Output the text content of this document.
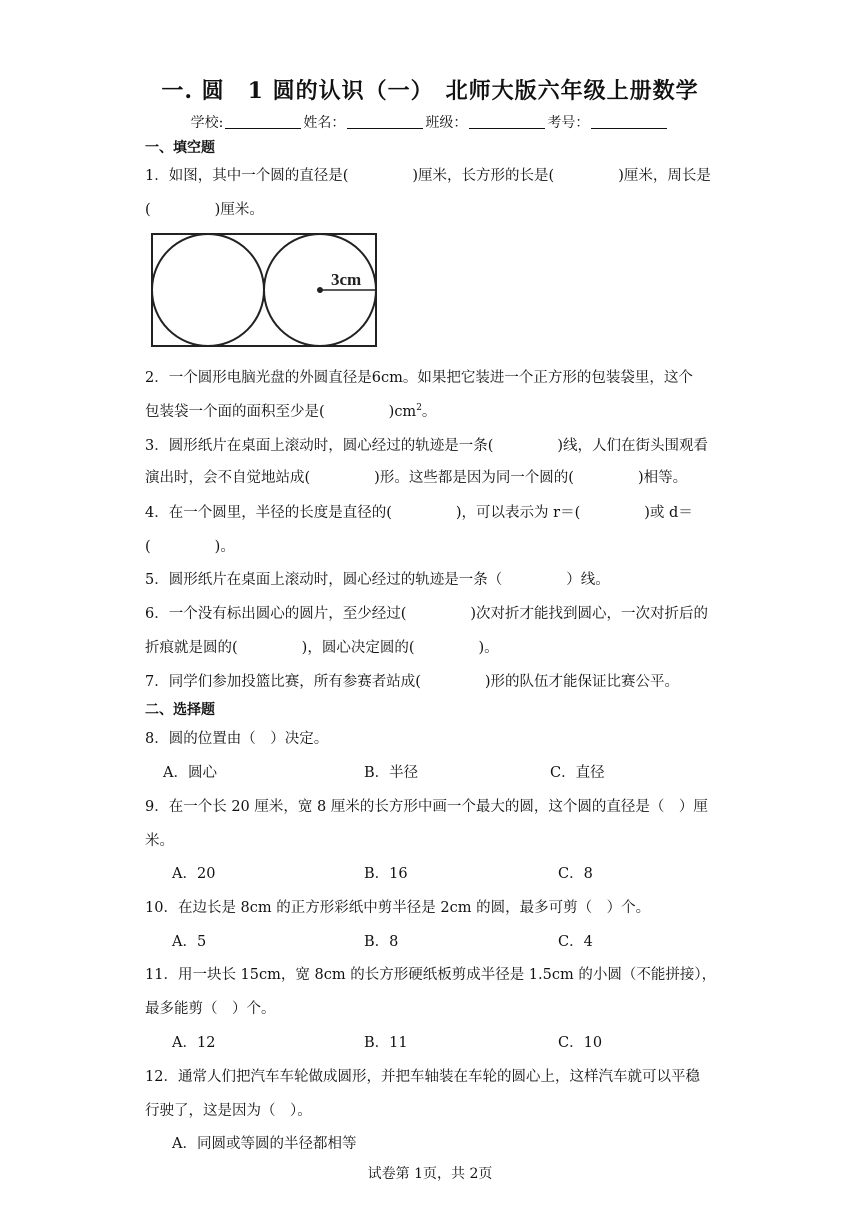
一. 圆　1 圆的认识（一）　北师大版六年级上册数学
学校:	姓名：	班级：	考号：
一、填空题
1．如图，其中一个圆的直径是(	)厘米，长方形的长是(	)厘米，周长是
(	)厘米。
3cm
2．一个圆形电脑光盘的外圆直径是6cm。如果把它装进一个正方形的包装袋里，这个
包装袋一个面的面积至少是(	)$cm^2$。
3．圆形纸片在桌面上滚动时，圆心经过的轨迹是一条(	)线，人们在街头围观看
演出时，会不自觉地站成(	)形。这些都是因为同一个圆的(	)相等。
4．在一个圆里，半径的长度是直径的(	)，可以表示为 r＝(	)或 d＝
(	)。
5．圆形纸片在桌面上滚动时，圆心经过的轨迹是一条（	）线。
6．一个没有标出圆心的圆片，至少经过(	)次对折才能找到圆心，一次对折后的
折痕就是圆的(	)，圆心决定圆的(	)。
7．同学们参加投篮比赛，所有参赛者站成(	)形的队伍才能保证比赛公平。
二、选择题
8．圆的位置由（　）决定。
A．圆心	B．半径	C．直径
9．在一个长 20 厘米，宽 8 厘米的长方形中画一个最大的圆，这个圆的直径是（　）厘
米。
A．20	B．16	C．8
10．在边长是 8cm 的正方形彩纸中剪半径是 2cm 的圆，最多可剪（　）个。
A．5	B．8	C．4
11．用一块长 15cm，宽 8cm 的长方形硬纸板剪成半径是 1.5cm 的小圆（不能拼接），
最多能剪（　）个。
A．12	B．11	C．10
12．通常人们把汽车车轮做成圆形，并把车轴装在车轮的圆心上，这样汽车就可以平稳
行驶了，这是因为（　）。
A．同圆或等圆的半径都相等
试卷第 1页，共 2页
